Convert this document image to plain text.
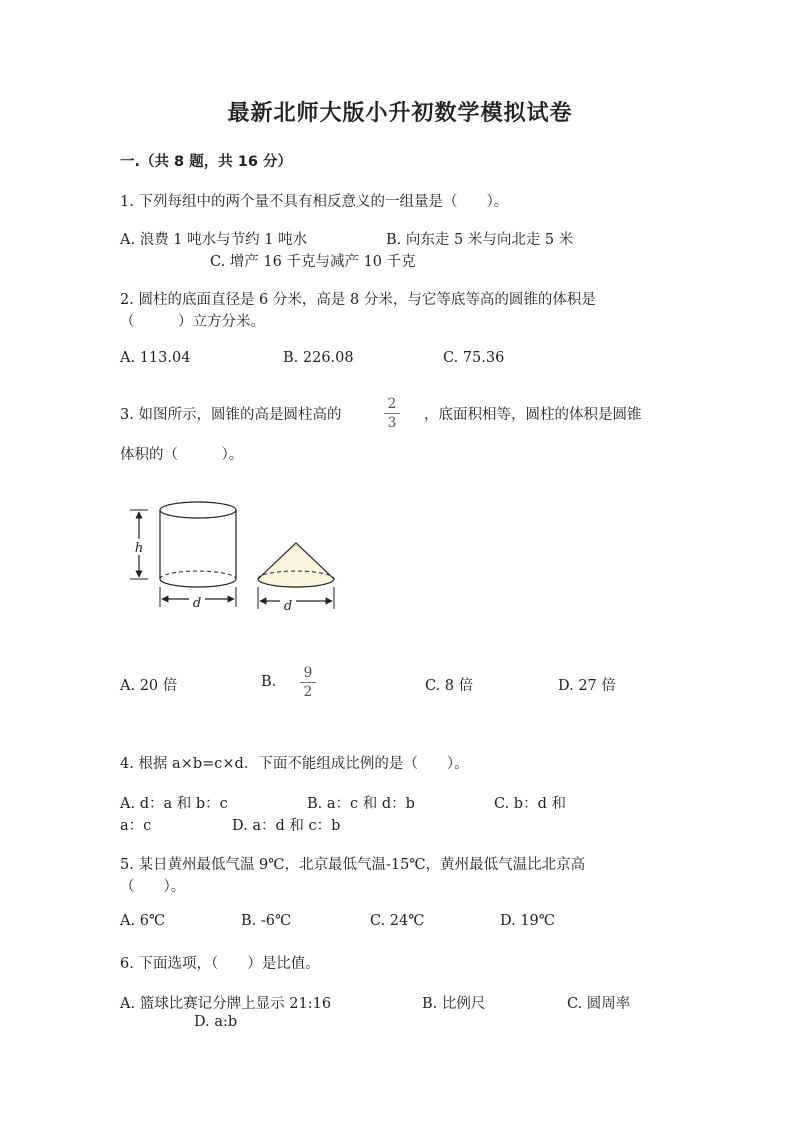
最新北师大版小升初数学模拟试卷
一.（共 8 题，共 16 分）
1. 下列每组中的两个量不具有相反意义的一组量是（　　）。
A. 浪费 1 吨水与节约 1 吨水	B. 向东走 5 米与向北走 5 米
C. 增产 16 千克与减产 10 千克
2. 圆柱的底面直径是 6 分米，高是 8 分米，与它等底等高的圆锥的体积是
（　　　）立方分米。
A. 113.04	B. 226.08	C. 75.36
3. 如图所示，圆锥的高是圆柱高的
2
3	，底面积相等，圆柱的体积是圆锥
体积的（　　　）。
h
d	d
A. 20 倍	B.
9
2	C. 8 倍	D. 27 倍
4. 根据 a×b=c×d．下面不能组成比例的是（　　）。
A. d：a 和 b：c	B. a：c 和 d：b	C. b：d 和
a：c	D. a：d 和 c：b
5. 某日黄州最低气温 9℃，北京最低气温-15℃，黄州最低气温比北京高
（　　）。
A. 6℃	B. -6℃	C. 24℃	D. 19℃
6. 下面选项，（　　）是比值。
A. 篮球比赛记分牌上显示 21:16	B. 比例尺	C. 圆周率
D. a:b
